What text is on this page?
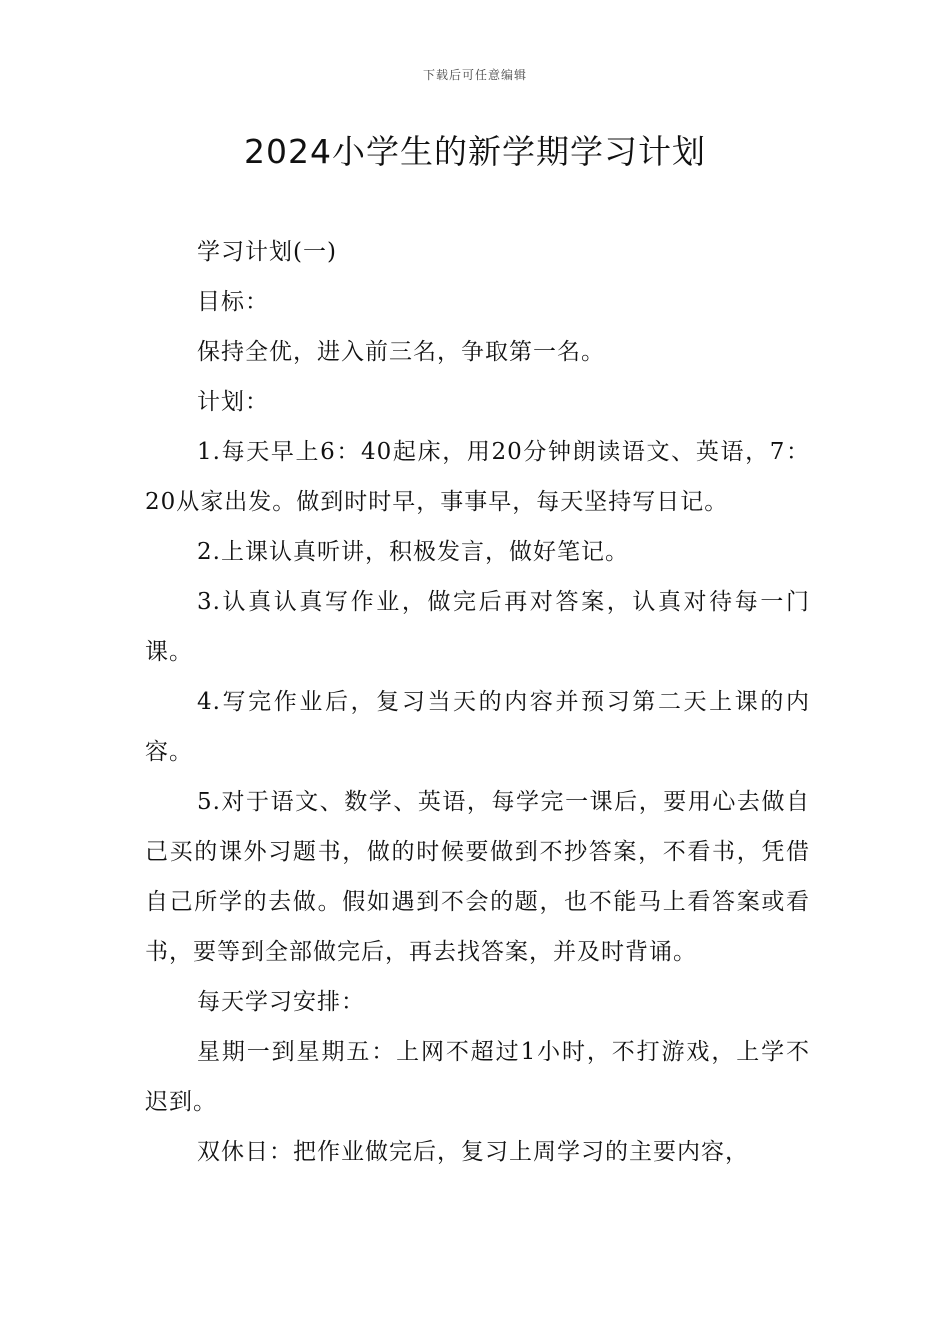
下载后可任意编辑
2024小学生的新学期学习计划

学习计划(一)

目标：

保持全优，进入前三名，争取第一名。

计划：

1.每天早上6：40起床，用20分钟朗读语文、英语，7：20从家出发。做到时时早，事事早，每天坚持写日记。

2.上课认真听讲，积极发言，做好笔记。

3.认真认真写作业，做完后再对答案，认真对待每一门课。

4.写完作业后，复习当天的内容并预习第二天上课的内容。

5.对于语文、数学、英语，每学完一课后，要用心去做自己买的课外习题书，做的时候要做到不抄答案，不看书，凭借自己所学的去做。假如遇到不会的题，也不能马上看答案或看书，要等到全部做完后，再去找答案，并及时背诵。

每天学习安排：

星期一到星期五：上网不超过1小时，不打游戏，上学不迟到。

双休日：把作业做完后，复习上周学习的主要内容，
